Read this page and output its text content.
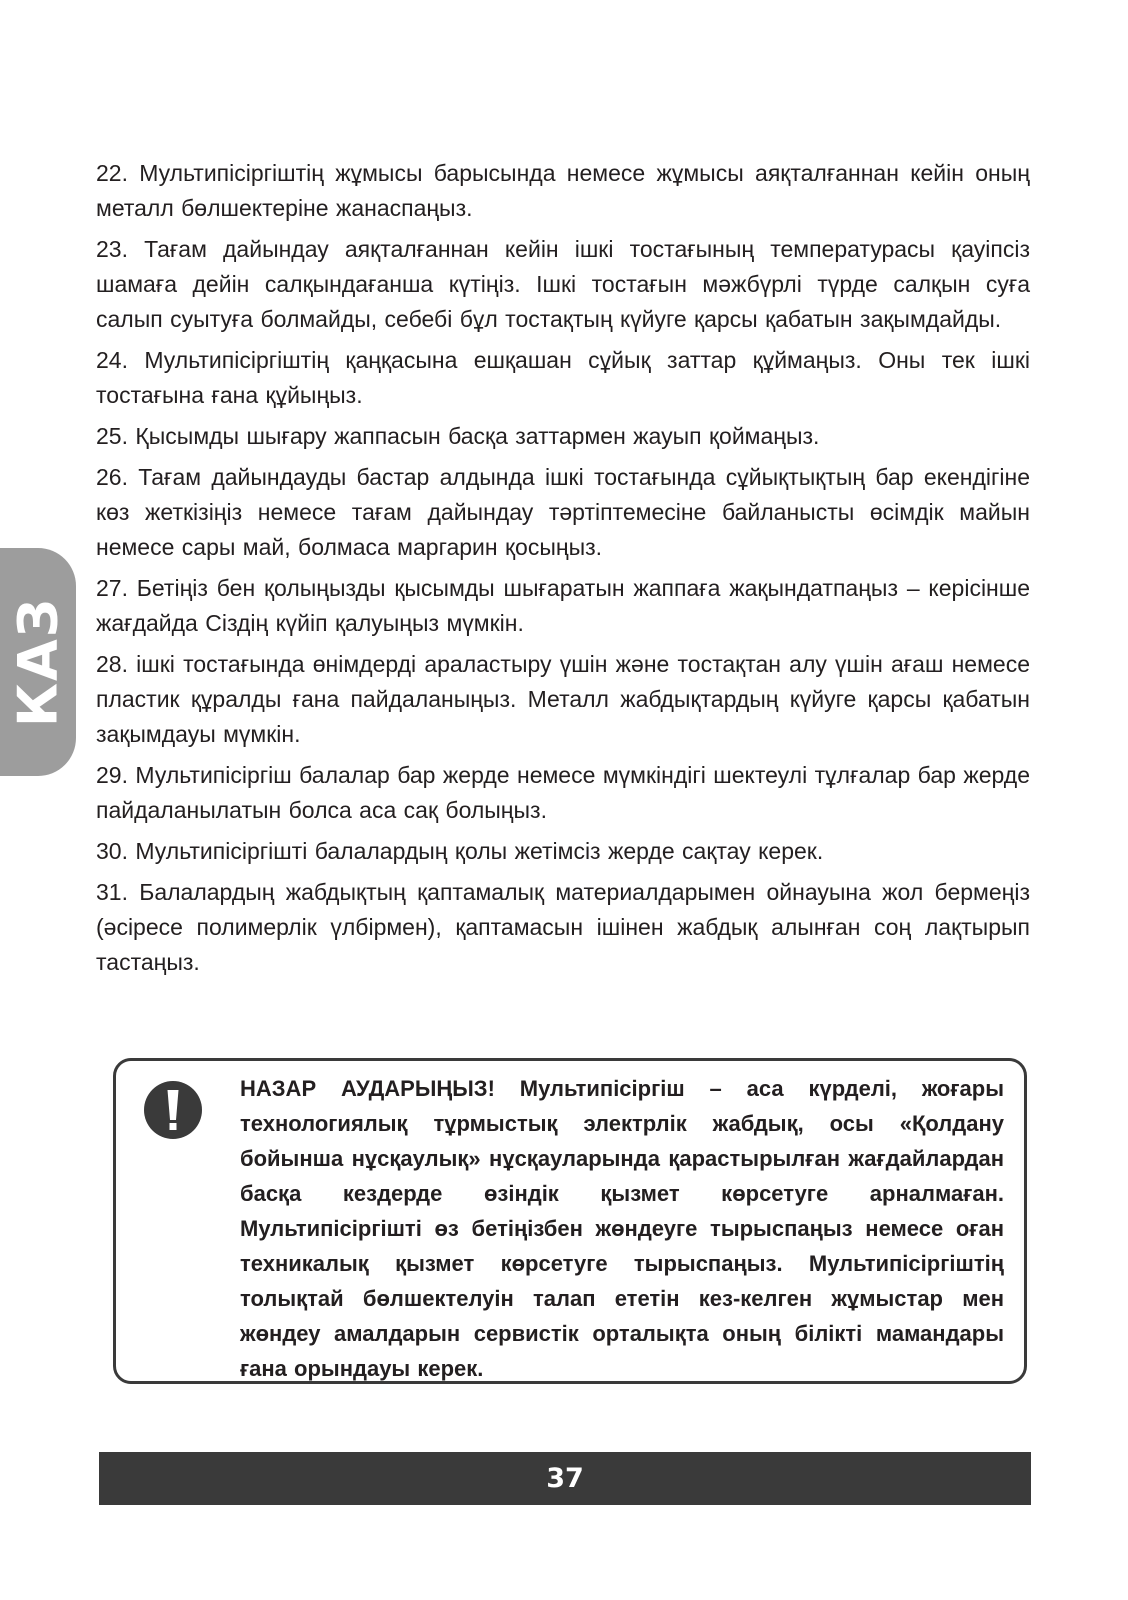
КАЗ

22. Мультипісіргіштің жұмысы барысында немесе жұмысы аяқталғаннан кейін оның металл бөлшектеріне жанаспаңыз.

23. Тағам дайындау аяқталғаннан кейін ішкі тостағының температурасы қауіпсіз шамаға дейін салқындағанша күтіңіз. Ішкі тостағын мәжбүрлі түрде салқын суға салып суытуға болмайды, себебі бұл тостақтың күйуге қарсы қабатын зақымдайды.

24. Мультипісіргіштің қаңқасына ешқашан сұйық заттар құймаңыз. Оны тек ішкі тостағына ғана құйыңыз.

25. Қысымды шығару жаппасын басқа заттармен жауып қоймаңыз.

26. Тағам дайындауды бастар алдында ішкі тостағында сұйықтықтың бар екендігіне көз жеткізіңіз немесе тағам дайындау тәртіптемесіне байланысты өсімдік майын немесе сары май, болмаса маргарин қосыңыз.

27. Бетіңіз бен қолыңызды қысымды шығаратын жаппаға жақындатпаңыз – керісінше жағдайда Сіздің күйіп қалуыңыз мүмкін.

28. ішкі тостағында өнімдерді араластыру үшін және тостақтан алу үшін ағаш немесе пластик құралды ғана пайдаланыңыз. Металл жабдықтардың күйуге қарсы қабатын зақымдауы мүмкін.

29. Мультипісіргіш балалар бар жерде немесе мүмкіндігі шектеулі тұлғалар бар жерде пайдаланылатын болса аса сақ болыңыз.

30. Мультипісіргішті балалардың қолы жетімсіз жерде сақтау керек.

31. Балалардың жабдықтың қаптамалық материалдарымен ойнауына жол бермеңіз (әсіресе полимерлік үлбірмен), қаптамасын ішінен жабдық алынған соң лақтырып тастаңыз.

НАЗАР АУДАРЫҢЫЗ! Мультипісіргіш – аса күрделі, жоғары технологиялық тұрмыстық электрлік жабдық, осы «Қолдану бойынша нұсқаулық» нұсқауларында қарастырылған жағдайлардан басқа кездерде өзіндік қызмет көрсетуге арналмаған. Мультипісіргішті өз бетіңізбен жөндеуге тырыспаңыз немесе оған техникалық қызмет көрсетуге тырыспаңыз. Мультипісіргіштің толықтай бөлшектелуін талап ететін кез-келген жұмыстар мен жөндеу амалдарын сервистік орталықта оның білікті мамандары ғана орындауы керек.
37
